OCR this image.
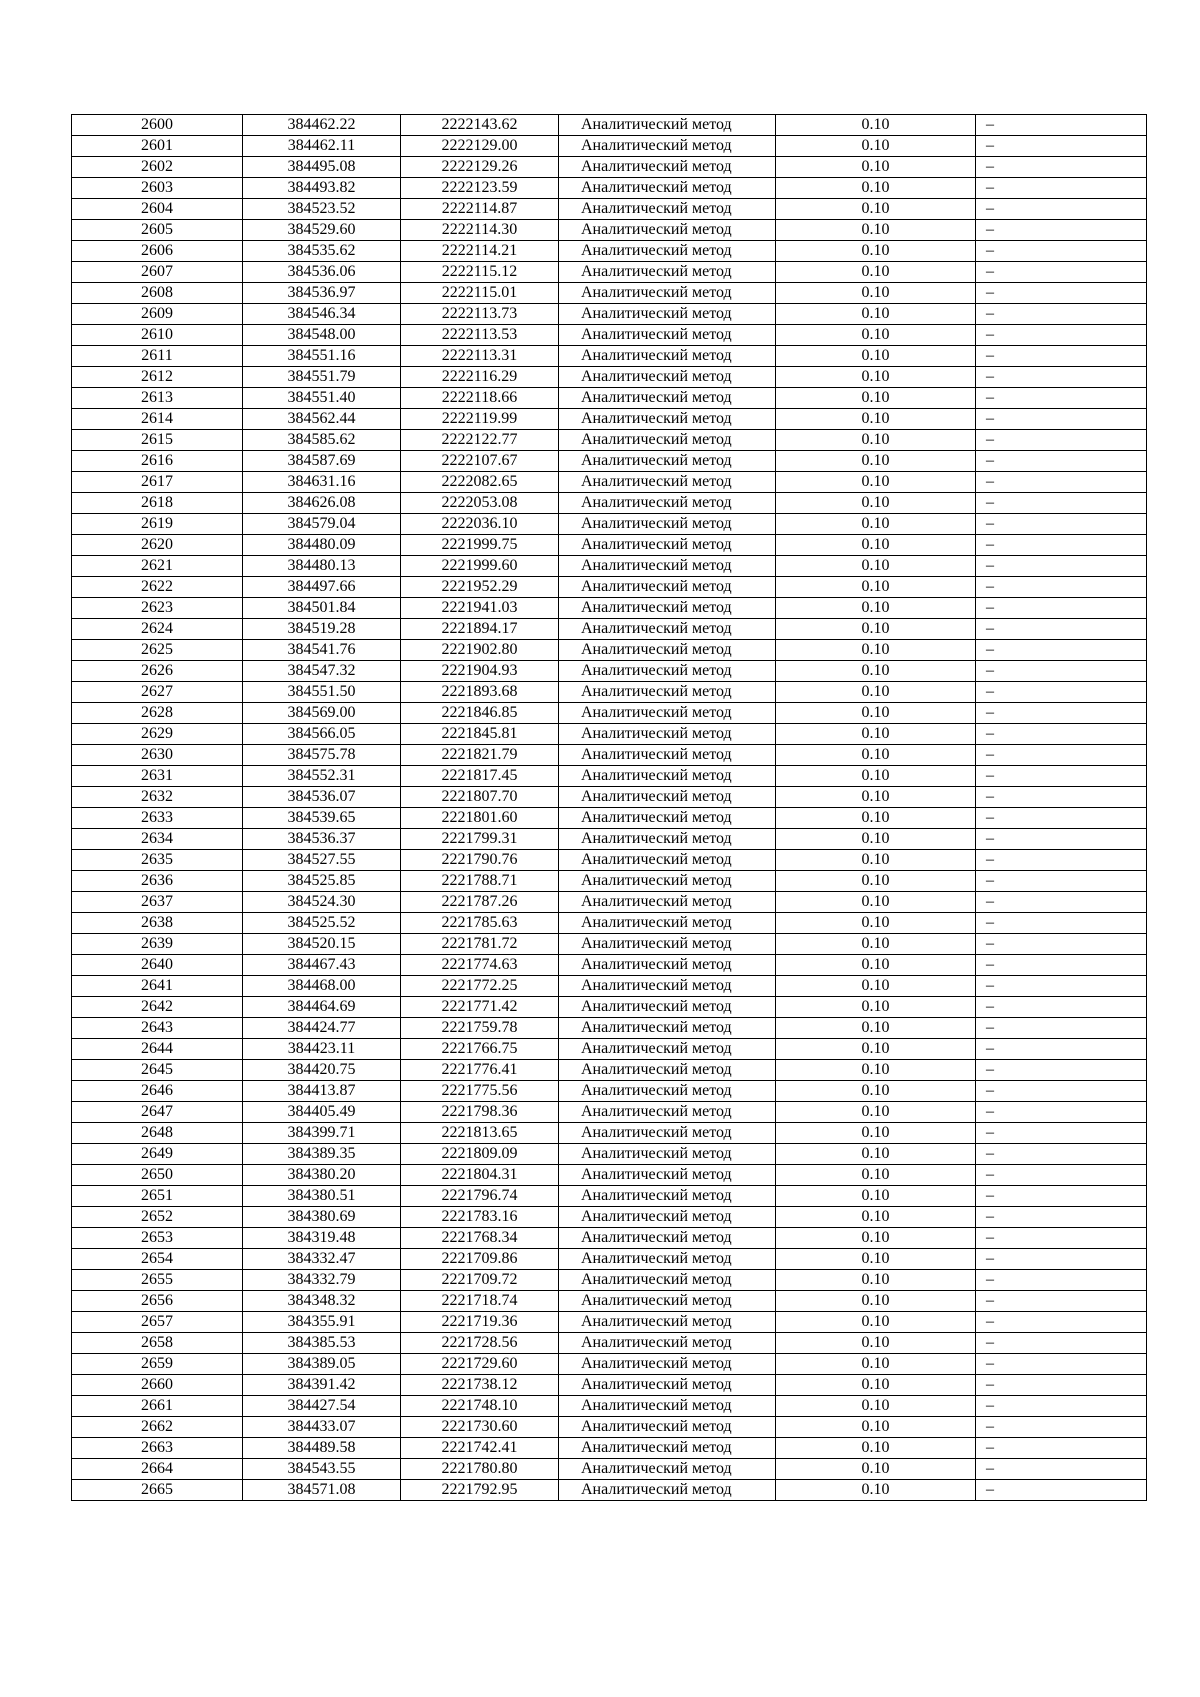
2600	384462.22	2222143.62	Аналитический метод	0.10	–
2601	384462.11	2222129.00	Аналитический метод	0.10	–
2602	384495.08	2222129.26	Аналитический метод	0.10	–
2603	384493.82	2222123.59	Аналитический метод	0.10	–
2604	384523.52	2222114.87	Аналитический метод	0.10	–
2605	384529.60	2222114.30	Аналитический метод	0.10	–
2606	384535.62	2222114.21	Аналитический метод	0.10	–
2607	384536.06	2222115.12	Аналитический метод	0.10	–
2608	384536.97	2222115.01	Аналитический метод	0.10	–
2609	384546.34	2222113.73	Аналитический метод	0.10	–
2610	384548.00	2222113.53	Аналитический метод	0.10	–
2611	384551.16	2222113.31	Аналитический метод	0.10	–
2612	384551.79	2222116.29	Аналитический метод	0.10	–
2613	384551.40	2222118.66	Аналитический метод	0.10	–
2614	384562.44	2222119.99	Аналитический метод	0.10	–
2615	384585.62	2222122.77	Аналитический метод	0.10	–
2616	384587.69	2222107.67	Аналитический метод	0.10	–
2617	384631.16	2222082.65	Аналитический метод	0.10	–
2618	384626.08	2222053.08	Аналитический метод	0.10	–
2619	384579.04	2222036.10	Аналитический метод	0.10	–
2620	384480.09	2221999.75	Аналитический метод	0.10	–
2621	384480.13	2221999.60	Аналитический метод	0.10	–
2622	384497.66	2221952.29	Аналитический метод	0.10	–
2623	384501.84	2221941.03	Аналитический метод	0.10	–
2624	384519.28	2221894.17	Аналитический метод	0.10	–
2625	384541.76	2221902.80	Аналитический метод	0.10	–
2626	384547.32	2221904.93	Аналитический метод	0.10	–
2627	384551.50	2221893.68	Аналитический метод	0.10	–
2628	384569.00	2221846.85	Аналитический метод	0.10	–
2629	384566.05	2221845.81	Аналитический метод	0.10	–
2630	384575.78	2221821.79	Аналитический метод	0.10	–
2631	384552.31	2221817.45	Аналитический метод	0.10	–
2632	384536.07	2221807.70	Аналитический метод	0.10	–
2633	384539.65	2221801.60	Аналитический метод	0.10	–
2634	384536.37	2221799.31	Аналитический метод	0.10	–
2635	384527.55	2221790.76	Аналитический метод	0.10	–
2636	384525.85	2221788.71	Аналитический метод	0.10	–
2637	384524.30	2221787.26	Аналитический метод	0.10	–
2638	384525.52	2221785.63	Аналитический метод	0.10	–
2639	384520.15	2221781.72	Аналитический метод	0.10	–
2640	384467.43	2221774.63	Аналитический метод	0.10	–
2641	384468.00	2221772.25	Аналитический метод	0.10	–
2642	384464.69	2221771.42	Аналитический метод	0.10	–
2643	384424.77	2221759.78	Аналитический метод	0.10	–
2644	384423.11	2221766.75	Аналитический метод	0.10	–
2645	384420.75	2221776.41	Аналитический метод	0.10	–
2646	384413.87	2221775.56	Аналитический метод	0.10	–
2647	384405.49	2221798.36	Аналитический метод	0.10	–
2648	384399.71	2221813.65	Аналитический метод	0.10	–
2649	384389.35	2221809.09	Аналитический метод	0.10	–
2650	384380.20	2221804.31	Аналитический метод	0.10	–
2651	384380.51	2221796.74	Аналитический метод	0.10	–
2652	384380.69	2221783.16	Аналитический метод	0.10	–
2653	384319.48	2221768.34	Аналитический метод	0.10	–
2654	384332.47	2221709.86	Аналитический метод	0.10	–
2655	384332.79	2221709.72	Аналитический метод	0.10	–
2656	384348.32	2221718.74	Аналитический метод	0.10	–
2657	384355.91	2221719.36	Аналитический метод	0.10	–
2658	384385.53	2221728.56	Аналитический метод	0.10	–
2659	384389.05	2221729.60	Аналитический метод	0.10	–
2660	384391.42	2221738.12	Аналитический метод	0.10	–
2661	384427.54	2221748.10	Аналитический метод	0.10	–
2662	384433.07	2221730.60	Аналитический метод	0.10	–
2663	384489.58	2221742.41	Аналитический метод	0.10	–
2664	384543.55	2221780.80	Аналитический метод	0.10	–
2665	384571.08	2221792.95	Аналитический метод	0.10	–
